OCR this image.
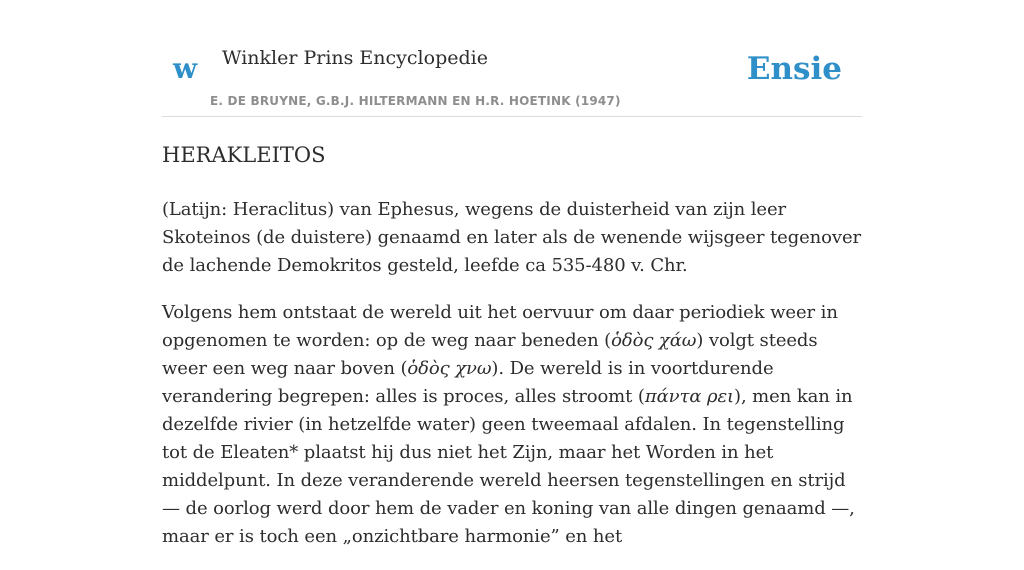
w Winkler Prins Encyclopedie	Ensie
E. DE BRUYNE, G.B.J. HILTERMANN EN H.R. HOETINK (1947)
HERAKLEITOS

(Latijn: Heraclitus) van Ephesus, wegens de duisterheid van zijn leer Skoteinos (de duistere) genaamd en later als de wenende wijsgeer tegenover de lachende Demokritos gesteld, leefde ca 535-480 v. Chr.

Volgens hem ontstaat de wereld uit het oervuur om daar periodiek weer in opgenomen te worden: op de weg naar beneden (ὁδὸς χάω) volgt steeds weer een weg naar boven (ὁδὸς χνω). De wereld is in voortdurende verandering begrepen: alles is proces, alles stroomt (πάντα ρει), men kan in dezelfde rivier (in hetzelfde water) geen tweemaal afdalen. In tegenstelling tot de Eleaten* plaatst hij dus niet het Zijn, maar het Worden in het middelpunt. In deze veranderende wereld heersen tegenstellingen en strijd — de oorlog werd door hem de vader en koning van alle dingen genaamd —, maar er is toch een „onzichtbare harmonie” en het
